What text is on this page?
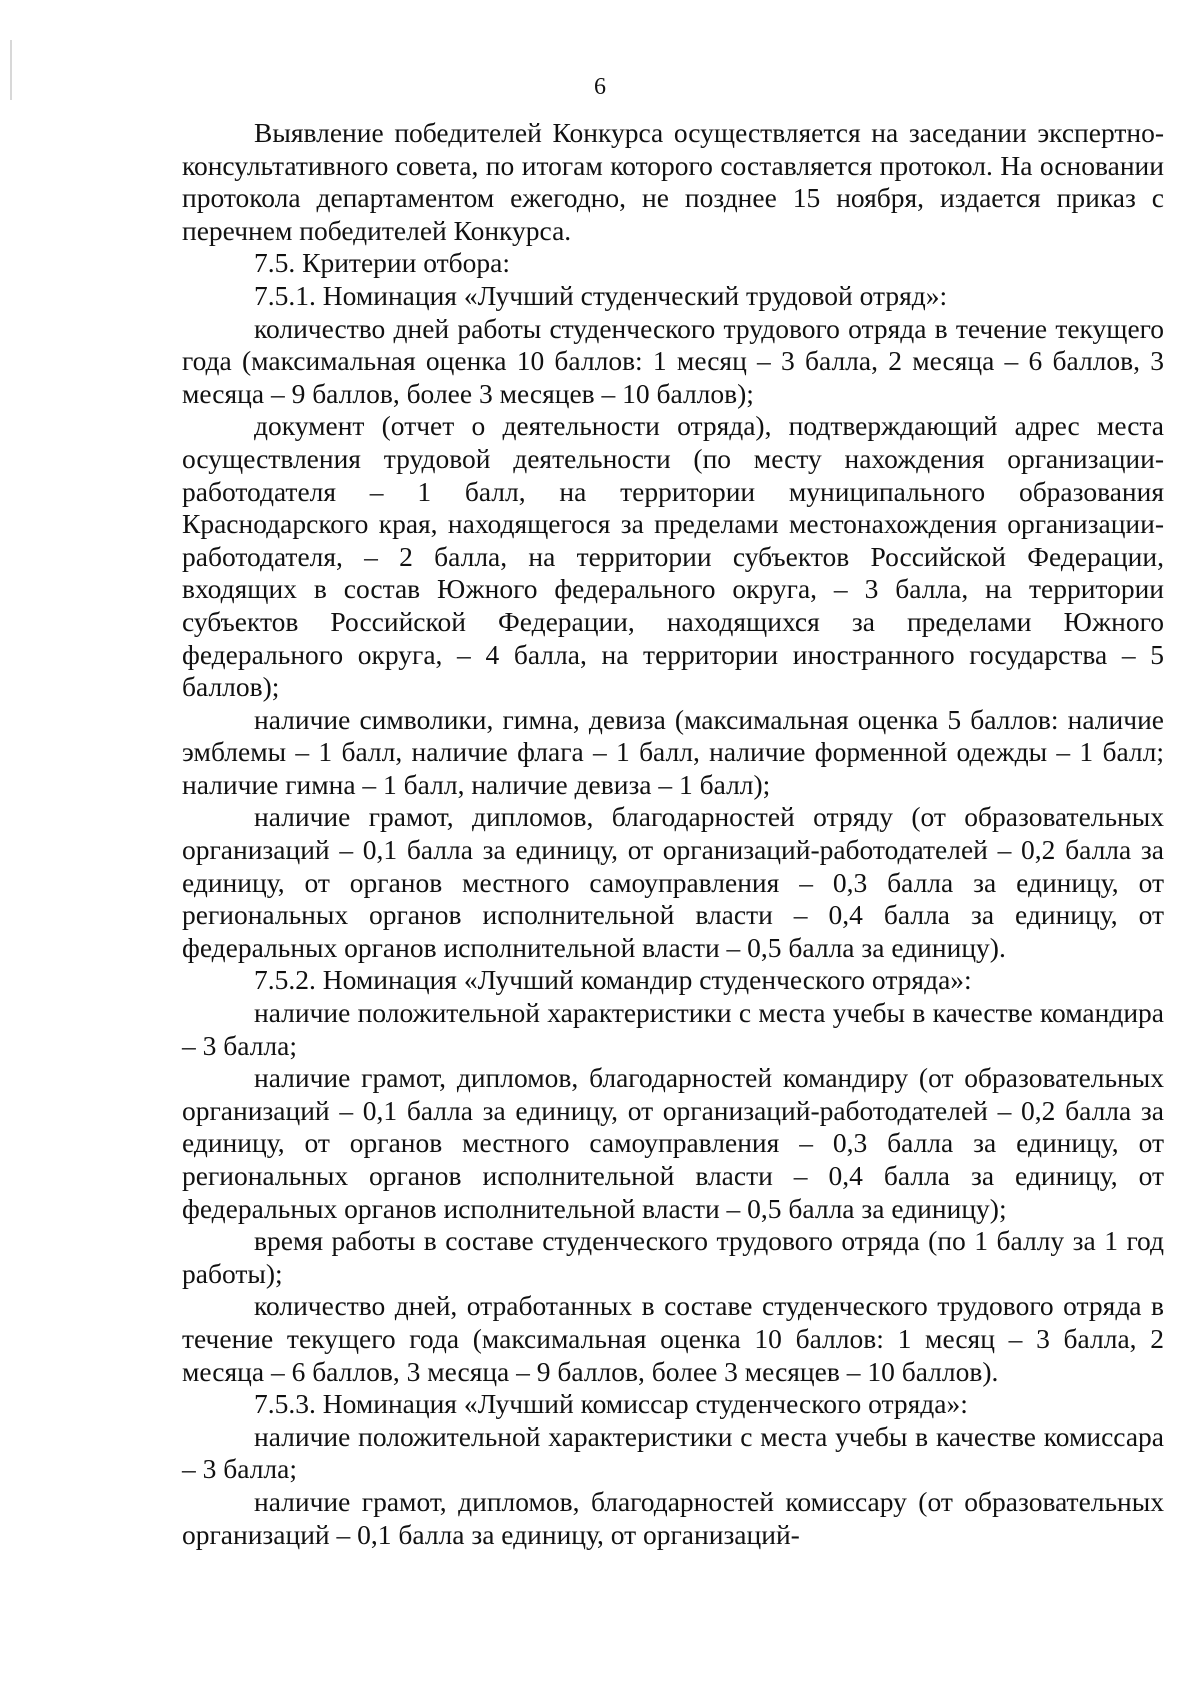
6

Выявление победителей Конкурса осуществляется на заседании экспертно-консультативного совета, по итогам которого составляется протокол. На основании протокола департаментом ежегодно, не позднее 15 ноября, издается приказ с перечнем победителей Конкурса.

7.5. Критерии отбора:

7.5.1. Номинация «Лучший студенческий трудовой отряд»:

количество дней работы студенческого трудового отряда в течение текущего года (максимальная оценка 10 баллов: 1 месяц – 3 балла, 2 месяца – 6 баллов, 3 месяца – 9 баллов, более 3 месяцев – 10 баллов);

документ (отчет о деятельности отряда), подтверждающий адрес места осуществления трудовой деятельности (по месту нахождения организации-работодателя – 1 балл, на территории муниципального образования Краснодарского края, находящегося за пределами местонахождения организации-работодателя, – 2 балла, на территории субъектов Российской Федерации, входящих в состав Южного федерального округа, – 3 балла, на территории субъектов Российской Федерации, находящихся за пределами Южного федерального округа, – 4 балла, на территории иностранного государства – 5 баллов);

наличие символики, гимна, девиза (максимальная оценка 5 баллов: наличие эмблемы – 1 балл, наличие флага – 1 балл, наличие форменной одежды – 1 балл; наличие гимна – 1 балл, наличие девиза – 1 балл);

наличие грамот, дипломов, благодарностей отряду (от образовательных организаций – 0,1 балла за единицу, от организаций-работодателей – 0,2 балла за единицу, от органов местного самоуправления – 0,3 балла за единицу, от региональных органов исполнительной власти – 0,4 балла за единицу, от федеральных органов исполнительной власти – 0,5 балла за единицу).

7.5.2. Номинация «Лучший командир студенческого отряда»:

наличие положительной характеристики с места учебы в качестве командира – 3 балла;

наличие грамот, дипломов, благодарностей командиру (от образовательных организаций – 0,1 балла за единицу, от организаций-работодателей – 0,2 балла за единицу, от органов местного самоуправления – 0,3 балла за единицу, от региональных органов исполнительной власти – 0,4 балла за единицу, от федеральных органов исполнительной власти – 0,5 балла за единицу);

время работы в составе студенческого трудового отряда (по 1 баллу за 1 год работы);

количество дней, отработанных в составе студенческого трудового отряда в течение текущего года (максимальная оценка 10 баллов: 1 месяц – 3 балла, 2 месяца – 6 баллов, 3 месяца – 9 баллов, более 3 месяцев – 10 баллов).

7.5.3. Номинация «Лучший комиссар студенческого отряда»:

наличие положительной характеристики с места учебы в качестве комиссара – 3 балла;

наличие грамот, дипломов, благодарностей комиссару (от образовательных организаций – 0,1 балла за единицу, от организаций-
